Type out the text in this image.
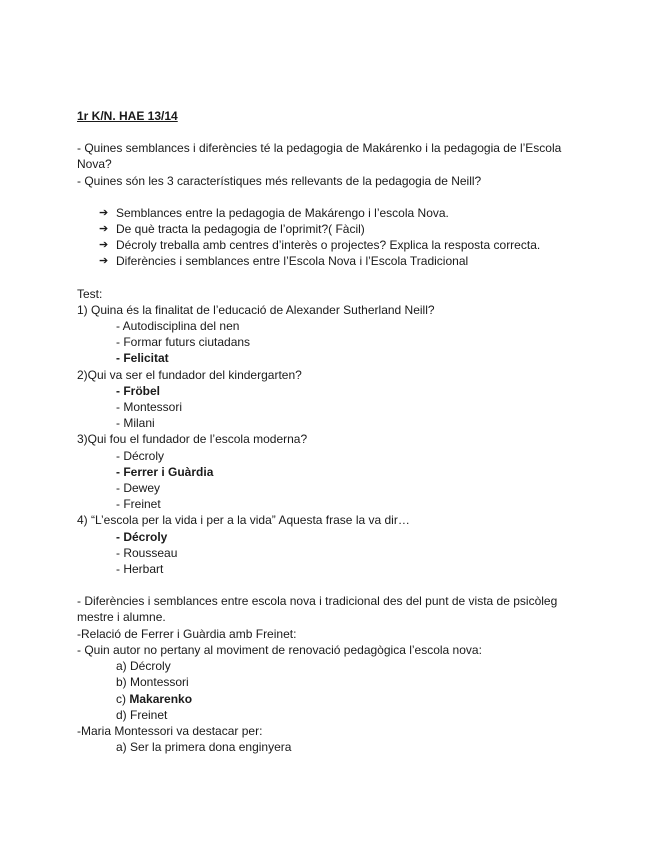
1r K/N. HAE 13/14

- Quines semblances i diferències té la pedagogia de Makárenko i la pedagogia de l’Escola Nova?

- Quines són les 3 característiques més rellevants de la pedagogia de Neill?

➔ Semblances entre la pedagogia de Makárengo i l’escola Nova.
➔ De què tracta la pedagogia de l’oprimit?( Fàcil)
➔ Décroly treballa amb centres d’interès o projectes? Explica la resposta correcta.
➔ Diferències i semblances entre l’Escola Nova i l’Escola Tradicional

Test:

1) Quina és la finalitat de l’educació de Alexander Sutherland Neill?

- Autodisciplina del nen

- Formar futurs ciutadans

- Felicitat

2)Qui va ser el fundador del kindergarten?

- Fröbel

- Montessori

- Milani

3)Qui fou el fundador de l’escola moderna?

- Décroly

- Ferrer i Guàrdia

- Dewey

- Freinet

4) “L’escola per la vida i per a la vida” Aquesta frase la va dir…

- Décroly

- Rousseau

- Herbart

- Diferències i semblances entre escola nova i tradicional des del punt de vista de psicòleg mestre i alumne.

-Relació de Ferrer i Guàrdia amb Freinet:

- Quin autor no pertany al moviment de renovació pedagògica l’escola nova:

a) Décroly

b) Montessori

c) Makarenko

d) Freinet

-Maria Montessori va destacar per:

a) Ser la primera dona enginyera
